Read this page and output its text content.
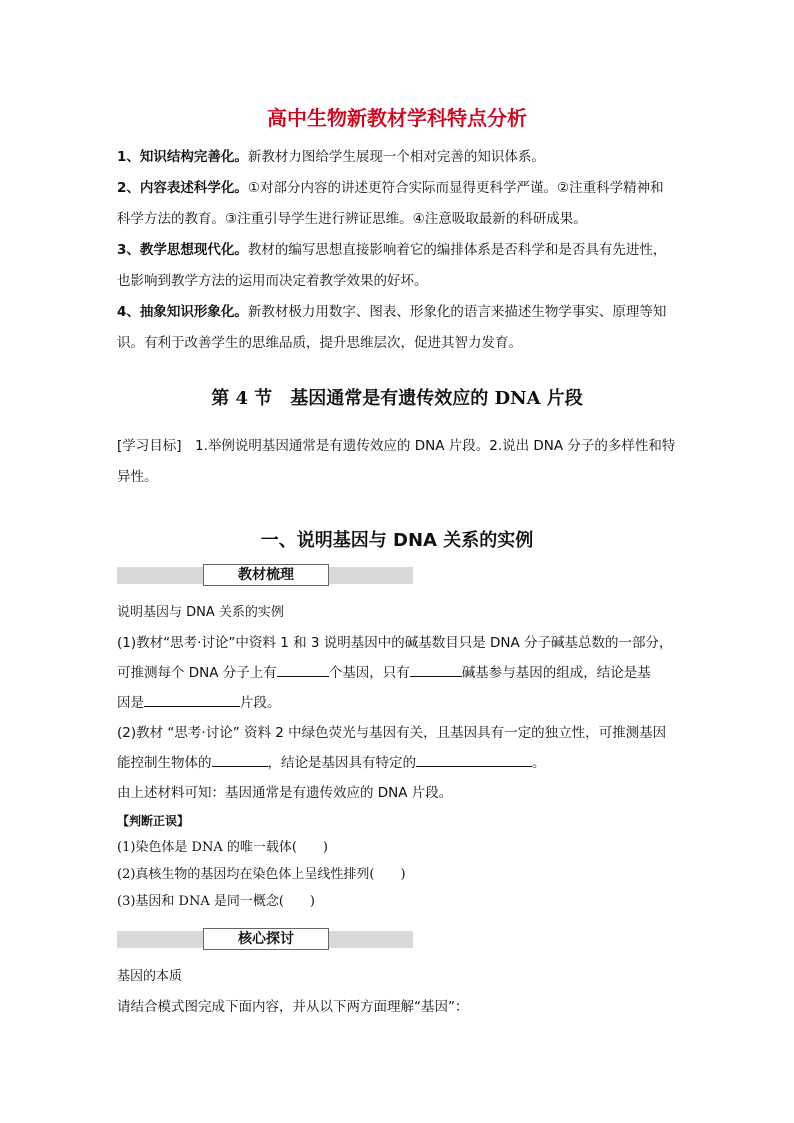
高中生物新教材学科特点分析

1、知识结构完善化。新教材力图给学生展现一个相对完善的知识体系。

2、内容表述科学化。①对部分内容的讲述更符合实际而显得更科学严谨。②注重科学精神和科学方法的教育。③注重引导学生进行辨证思维。④注意吸取最新的科研成果。

3、教学思想现代化。教材的编写思想直接影响着它的编排体系是否科学和是否具有先进性，也影响到教学方法的运用而决定着教学效果的好坏。

4、抽象知识形象化。新教材极力用数字、图表、形象化的语言来描述生物学事实、原理等知识。有利于改善学生的思维品质，提升思维层次，促进其智力发育。

第 4 节　基因通常是有遗传效应的 DNA 片段

[学习目标]　1.举例说明基因通常是有遗传效应的 DNA 片段。2.说出 DNA 分子的多样性和特异性。

一、说明基因与 DNA 关系的实例
教材梳理

说明基因与 DNA 关系的实例

(1)教材“思考·讨论”中资料 1 和 3 说明基因中的碱基数目只是 DNA 分子碱基总数的一部分，

可推测每个 DNA 分子上有	个基因，只有	碱基参与基因的组成，结论是基

因是	片段。

(2)教材 “思考·讨论” 资料 2 中绿色荧光与基因有关，且基因具有一定的独立性，可推测基因

能控制生物体的	，结论是基因具有特定的	。

由上述材料可知：基因通常是有遗传效应的 DNA 片段。

【判断正误】

(1)染色体是 DNA 的唯一载体(　　)

(2)真核生物的基因均在染色体上呈线性排列(　　)

(3)基因和 DNA 是同一概念(　　)

核心探讨

基因的本质

请结合模式图完成下面内容，并从以下两方面理解“基因”：
